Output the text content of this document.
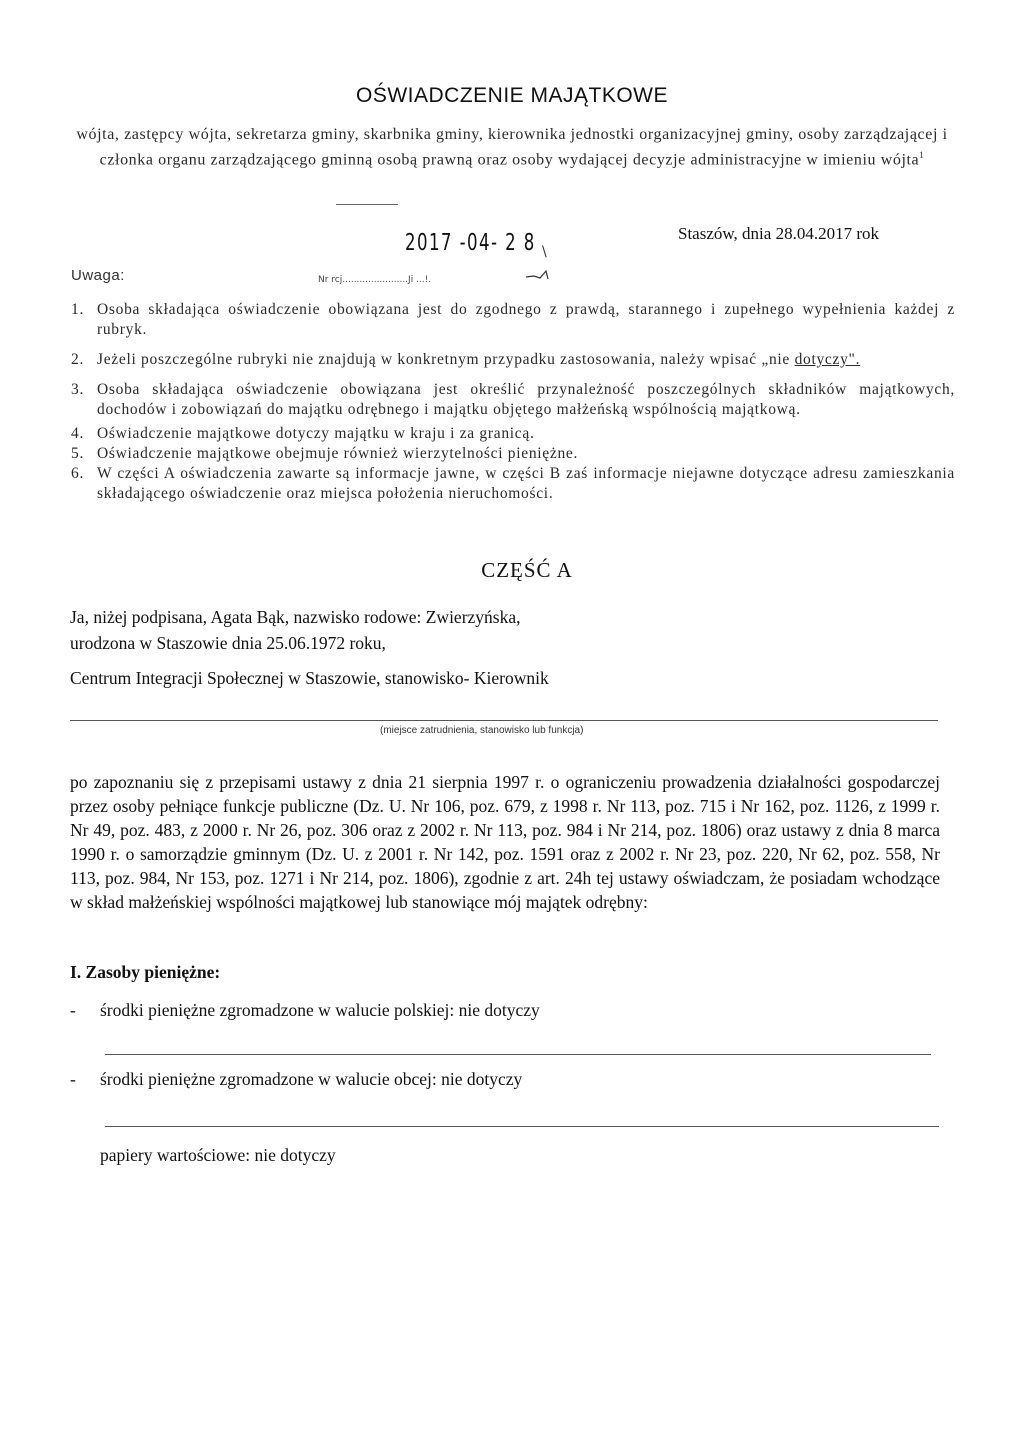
OŚWIADCZENIE MAJĄTKOWE
wójta, zastępcy wójta, sekretarza gminy, skarbnika gminy, kierownika jednostki organizacyjnej gminy, osoby zarządzającej i członka organu zarządzającego gminną osobą prawną oraz osoby wydającej decyzje administracyjne w imieniu wójta$^1$
2017 -04- 2 8 \
Staszów, dnia 28.04.2017 rok
Uwaga:	Nr rcj.......................Ji ...!.
1. Osoba składająca oświadczenie obowiązana jest do zgodnego z prawdą, starannego i zupełnego wypełnienia każdej z rubryk.
2. Jeżeli poszczególne rubryki nie znajdują w konkretnym przypadku zastosowania, należy wpisać „nie dotyczy".
3. Osoba składająca oświadczenie obowiązana jest określić przynależność poszczególnych składników majątkowych, dochodów i zobowiązań do majątku odrębnego i majątku objętego małżeńską wspólnością majątkową.
4. Oświadczenie majątkowe dotyczy majątku w kraju i za granicą.
5. Oświadczenie majątkowe obejmuje również wierzytelności pieniężne.
6. W części A oświadczenia zawarte są informacje jawne, w części B zaś informacje niejawne dotyczące adresu zamieszkania składającego oświadczenie oraz miejsca położenia nieruchomości.
CZĘŚĆ A
Ja, niżej podpisana, Agata Bąk, nazwisko rodowe: Zwierzyńska,
urodzona w Staszowie dnia 25.06.1972 roku,
Centrum Integracji Społecznej w Staszowie, stanowisko- Kierownik
(miejsce zatrudnienia, stanowisko lub funkcja)
po zapoznaniu się z przepisami ustawy z dnia 21 sierpnia 1997 r. o ograniczeniu prowadzenia działalności gospodarczej przez osoby pełniące funkcje publiczne (Dz. U. Nr 106, poz. 679, z 1998 r. Nr 113, poz. 715 i Nr 162, poz. 1126, z 1999 r. Nr 49, poz. 483, z 2000 r. Nr 26, poz. 306 oraz z 2002 r. Nr 113, poz. 984 i Nr 214, poz. 1806) oraz ustawy z dnia 8 marca 1990 r. o samorządzie gminnym (Dz. U. z 2001 r. Nr 142, poz. 1591 oraz z 2002 r. Nr 23, poz. 220, Nr 62, poz. 558, Nr 113, poz. 984, Nr 153, poz. 1271 i Nr 214, poz. 1806), zgodnie z art. 24h tej ustawy oświadczam, że posiadam wchodzące w skład małżeńskiej wspólności majątkowej lub stanowiące mój majątek odrębny:
I. Zasoby pieniężne:
- środki pieniężne zgromadzone w walucie polskiej: nie dotyczy
- środki pieniężne zgromadzone w walucie obcej: nie dotyczy
papiery wartościowe: nie dotyczy
